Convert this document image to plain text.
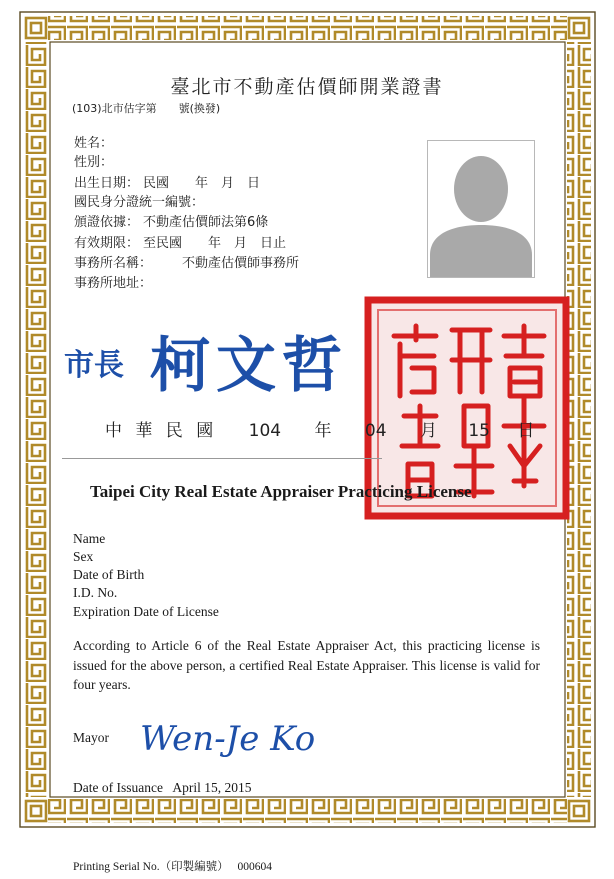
臺北市不動產估價師開業證書
(103)北市估字第　　號(換發)
姓名：
性別：
出生日期： 民國　　年　月　日
國民身分證統一編號：
頒證依據： 不動產估價師法第6條
有效期限： 至民國　　年　月　日止
事務所名稱：　　不動產估價師事務所
事務所地址：
市長 柯文哲
中 華 民 國 104 年 04 月 15 日
Taipei City Real Estate Appraiser Practicing License
Name
Sex
Date of Birth
I.D. No.
Expiration Date of License
According to Article 6 of the Real Estate Appraiser Act, this practicing license is issued for the above person, a certified Real Estate Appraiser. This license is valid for four years.
Mayor Wen-Je Ko
Date of Issuance April 15, 2015
Printing Serial No.（印製編號） 000604
